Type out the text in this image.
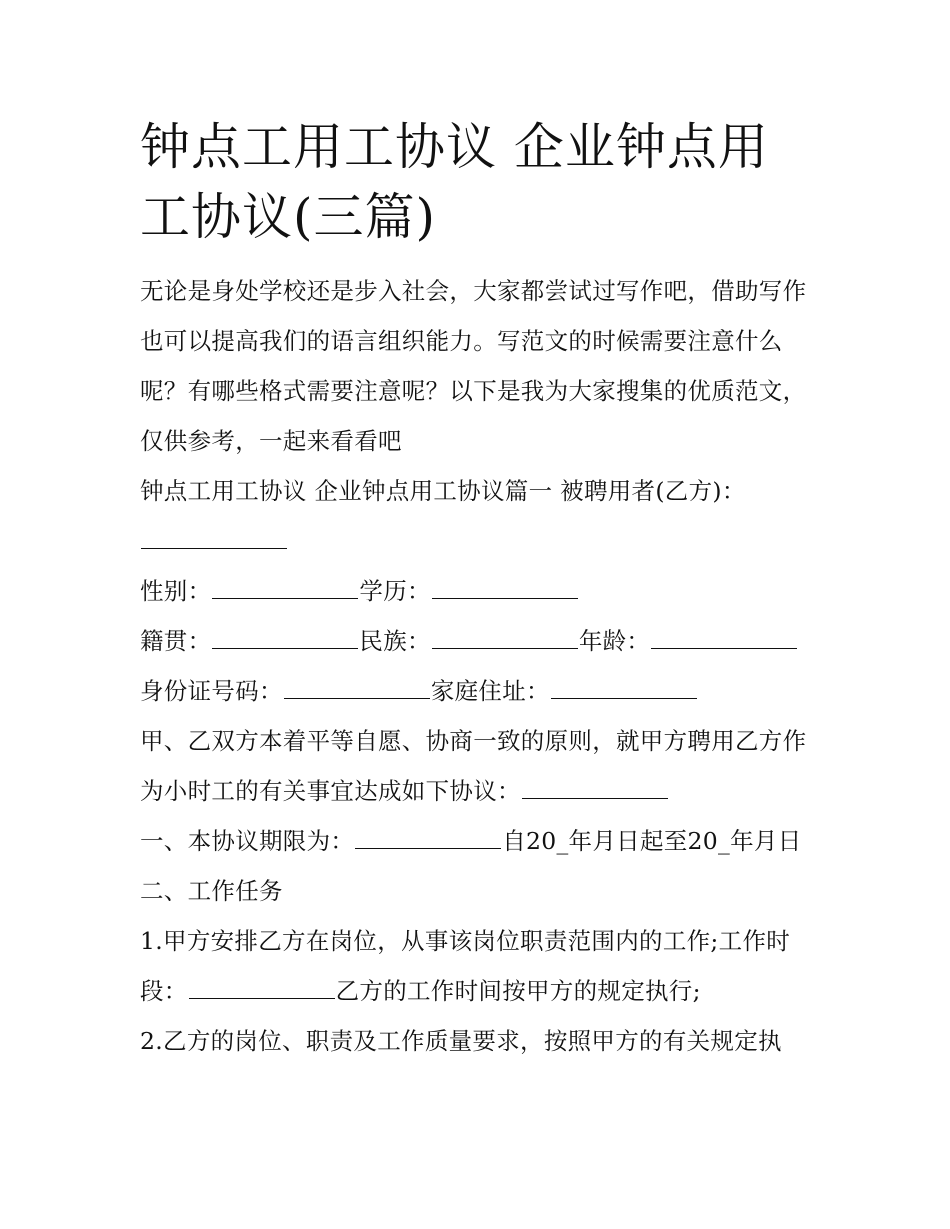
钟点工用工协议 企业钟点用工协议(三篇)

无论是身处学校还是步入社会，大家都尝试过写作吧，借助写作也可以提高我们的语言组织能力。写范文的时候需要注意什么呢？有哪些格式需要注意呢？以下是我为大家搜集的优质范文，仅供参考，一起来看看吧

钟点工用工协议 企业钟点用工协议篇一 被聘用者(乙方)：

性别：	学历：

籍贯：	民族：	年龄：

身份证号码：	家庭住址：

甲、乙双方本着平等自愿、协商一致的原则，就甲方聘用乙方作为小时工的有关事宜达成如下协议：

一、本协议期限为：	自20_年月日起至20_年月日 二、工作任务

1.甲方安排乙方在岗位，从事该岗位职责范围内的工作;工作时段：	乙方的工作时间按甲方的规定执行;

2.乙方的岗位、职责及工作质量要求，按照甲方的有关规定执
